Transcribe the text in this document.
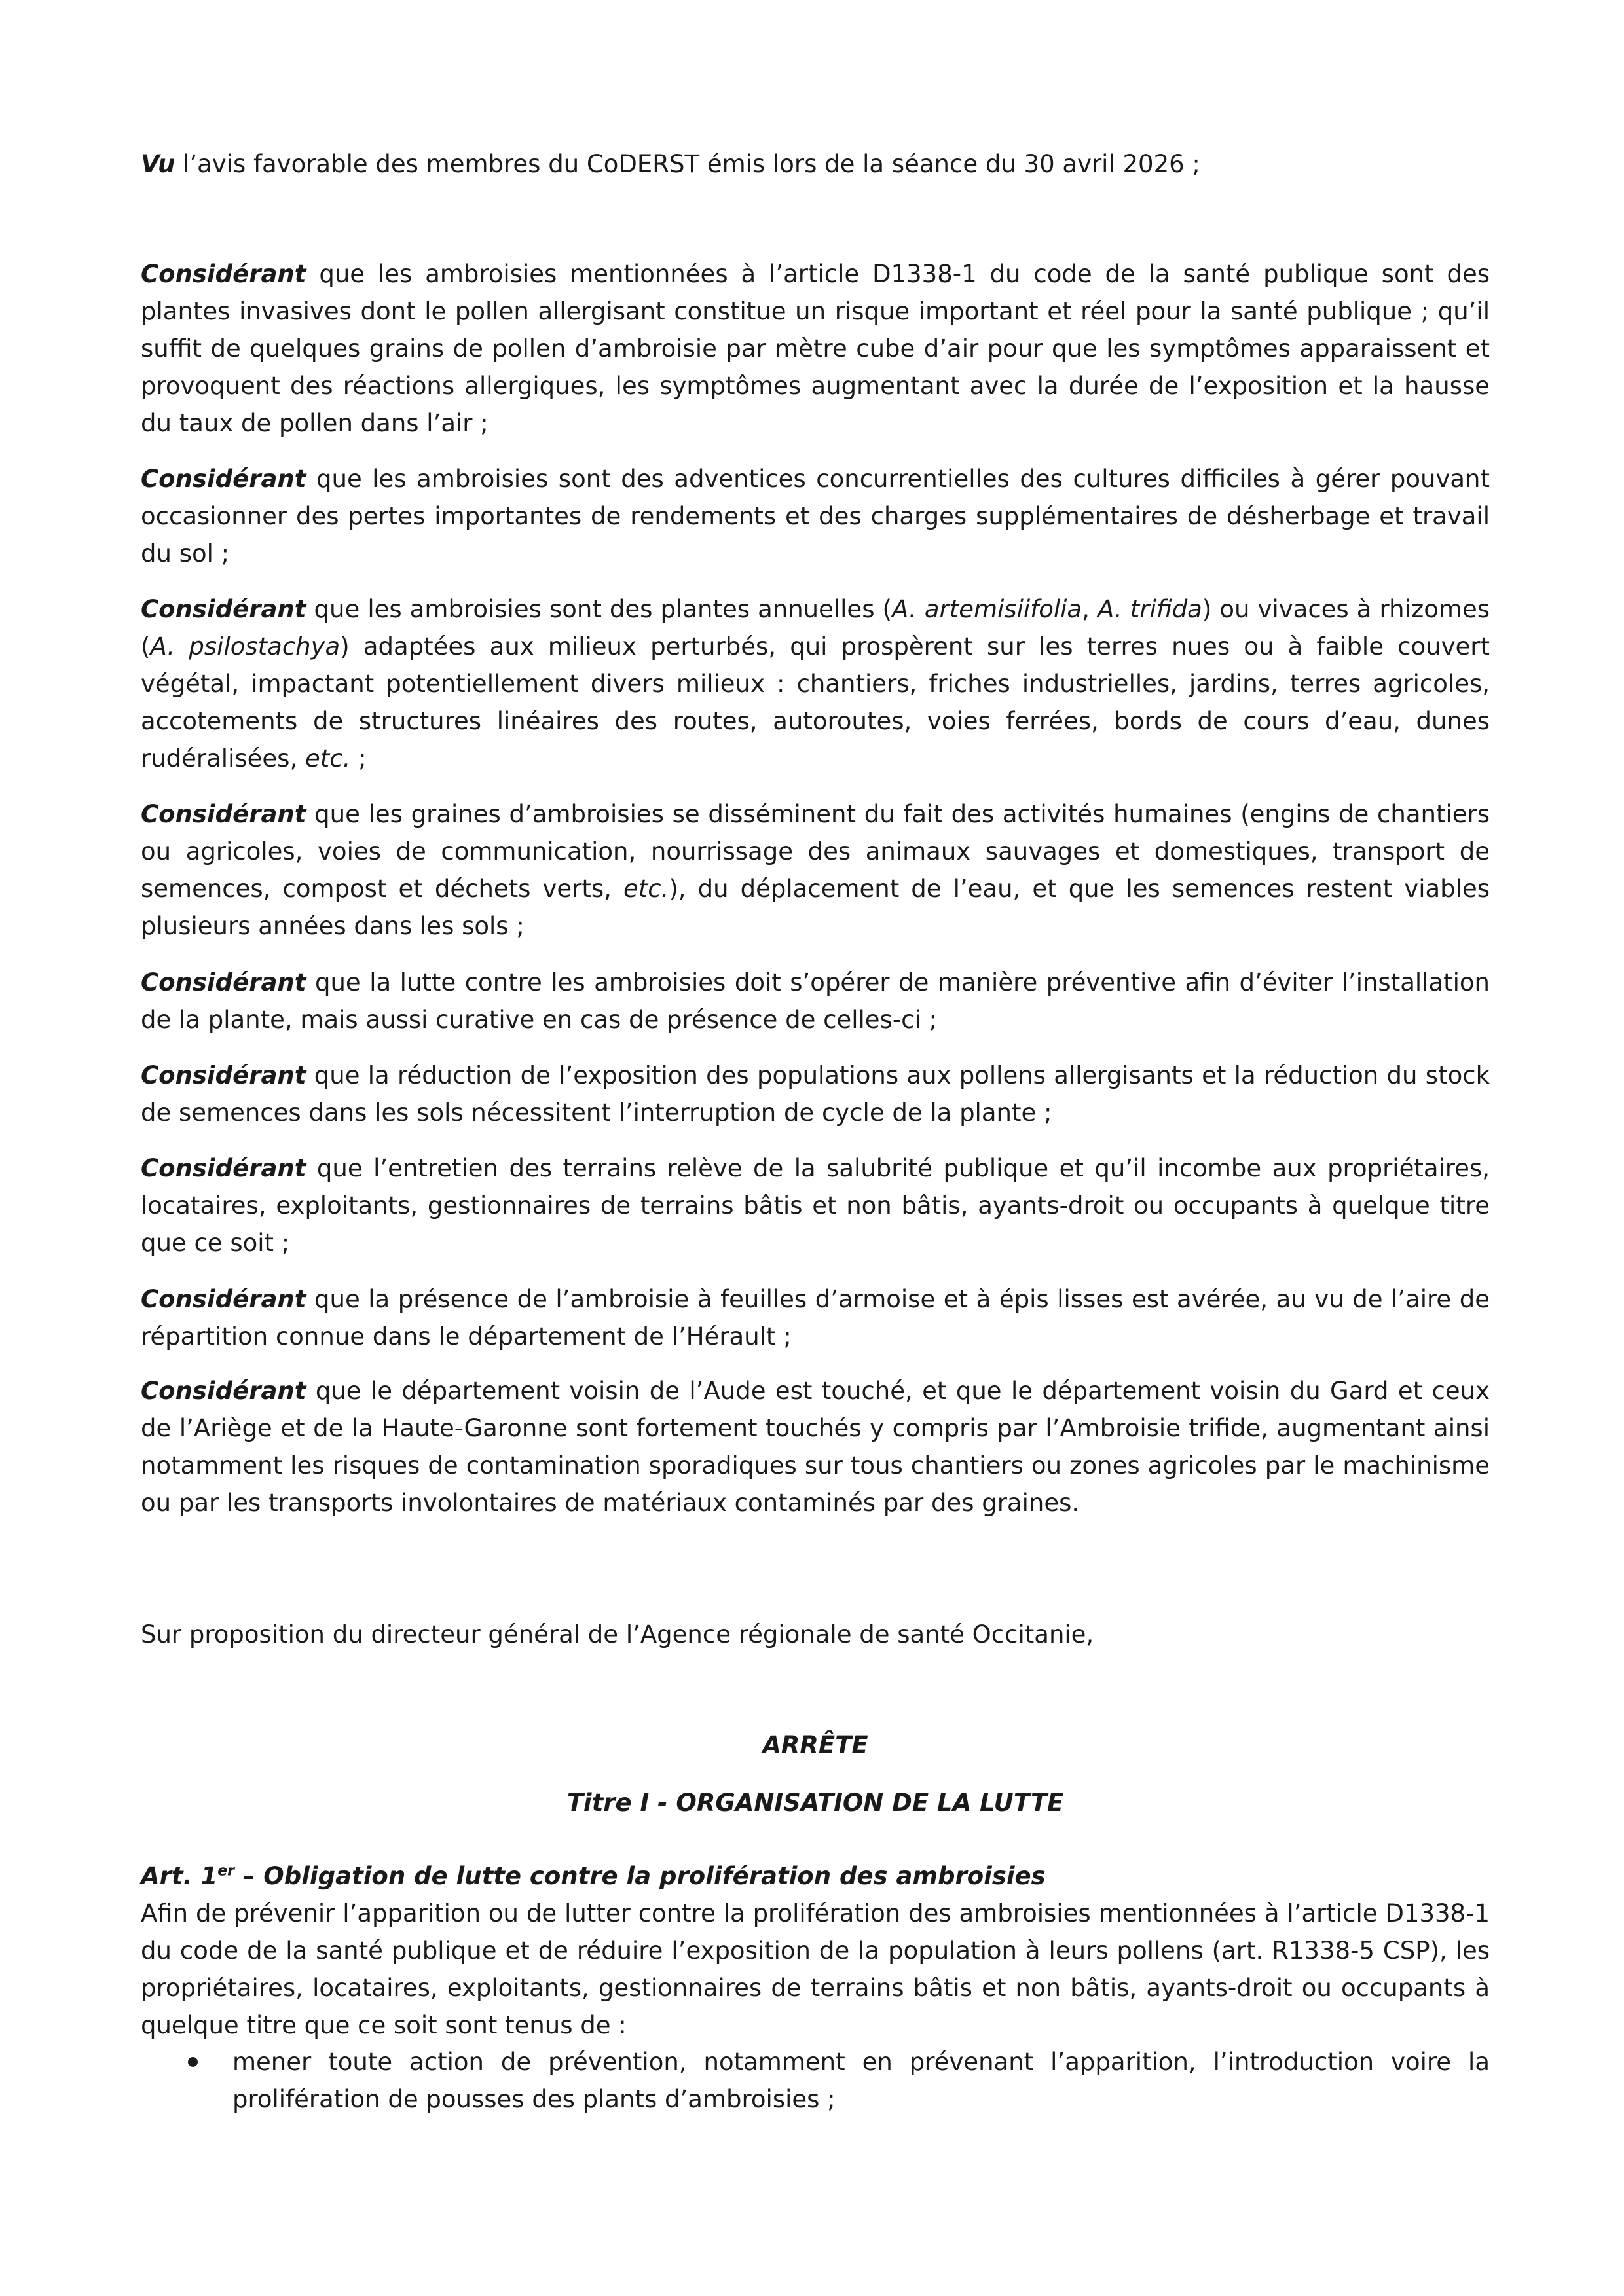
Vu l’avis favorable des membres du CoDERST émis lors de la séance du 30 avril 2026 ;

Considérant que les ambroisies mentionnées à l’article D1338-1 du code de la santé publique sont des plantes invasives dont le pollen allergisant constitue un risque important et réel pour la santé publique ; qu’il suffit de quelques grains de pollen d’ambroisie par mètre cube d’air pour que les symptômes apparaissent et provoquent des réactions allergiques, les symptômes augmentant avec la durée de l’exposition et la hausse du taux de pollen dans l’air ;

Considérant que les ambroisies sont des adventices concurrentielles des cultures difficiles à gérer pouvant occasionner des pertes importantes de rendements et des charges supplémentaires de désherbage et travail du sol ;

Considérant que les ambroisies sont des plantes annuelles (A. artemisiifolia, A. trifida) ou vivaces à rhizomes (A. psilostachya) adaptées aux milieux perturbés, qui prospèrent sur les terres nues ou à faible couvert végétal, impactant potentiellement divers milieux : chantiers, friches industrielles, jardins, terres agricoles, accotements de structures linéaires des routes, autoroutes, voies ferrées, bords de cours d’eau, dunes rudéralisées, etc. ;

Considérant que les graines d’ambroisies se disséminent du fait des activités humaines (engins de chantiers ou agricoles, voies de communication, nourrissage des animaux sauvages et domestiques, transport de semences, compost et déchets verts, etc.), du déplacement de l’eau, et que les semences restent viables plusieurs années dans les sols ;

Considérant que la lutte contre les ambroisies doit s’opérer de manière préventive afin d’éviter l’installation de la plante, mais aussi curative en cas de présence de celles-ci ;

Considérant que la réduction de l’exposition des populations aux pollens allergisants et la réduction du stock de semences dans les sols nécessitent l’interruption de cycle de la plante ;

Considérant que l’entretien des terrains relève de la salubrité publique et qu’il incombe aux propriétaires, locataires, exploitants, gestionnaires de terrains bâtis et non bâtis, ayants-droit ou occupants à quelque titre que ce soit ;

Considérant que la présence de l’ambroisie à feuilles d’armoise et à épis lisses est avérée, au vu de l’aire de répartition connue dans le département de l’Hérault ;

Considérant que le département voisin de l’Aude est touché, et que le département voisin du Gard et ceux de l’Ariège et de la Haute-Garonne sont fortement touchés y compris par l’Ambroisie trifide, augmentant ainsi notamment les risques de contamination sporadiques sur tous chantiers ou zones agricoles par le machinisme ou par les transports involontaires de matériaux contaminés par des graines.

Sur proposition du directeur général de l’Agence régionale de santé Occitanie,

ARRÊTE
Titre I - ORGANISATION DE LA LUTTE

Art. 1er – Obligation de lutte contre la prolifération des ambroisies
Afin de prévenir l’apparition ou de lutter contre la prolifération des ambroisies mentionnées à l’article D1338-1 du code de la santé publique et de réduire l’exposition de la population à leurs pollens (art. R1338-5 CSP), les propriétaires, locataires, exploitants, gestionnaires de terrains bâtis et non bâtis, ayants-droit ou occupants à quelque titre que ce soit sont tenus de :

mener toute action de prévention, notamment en prévenant l’apparition, l’introduction voire la prolifération de pousses des plants d’ambroisies ;
